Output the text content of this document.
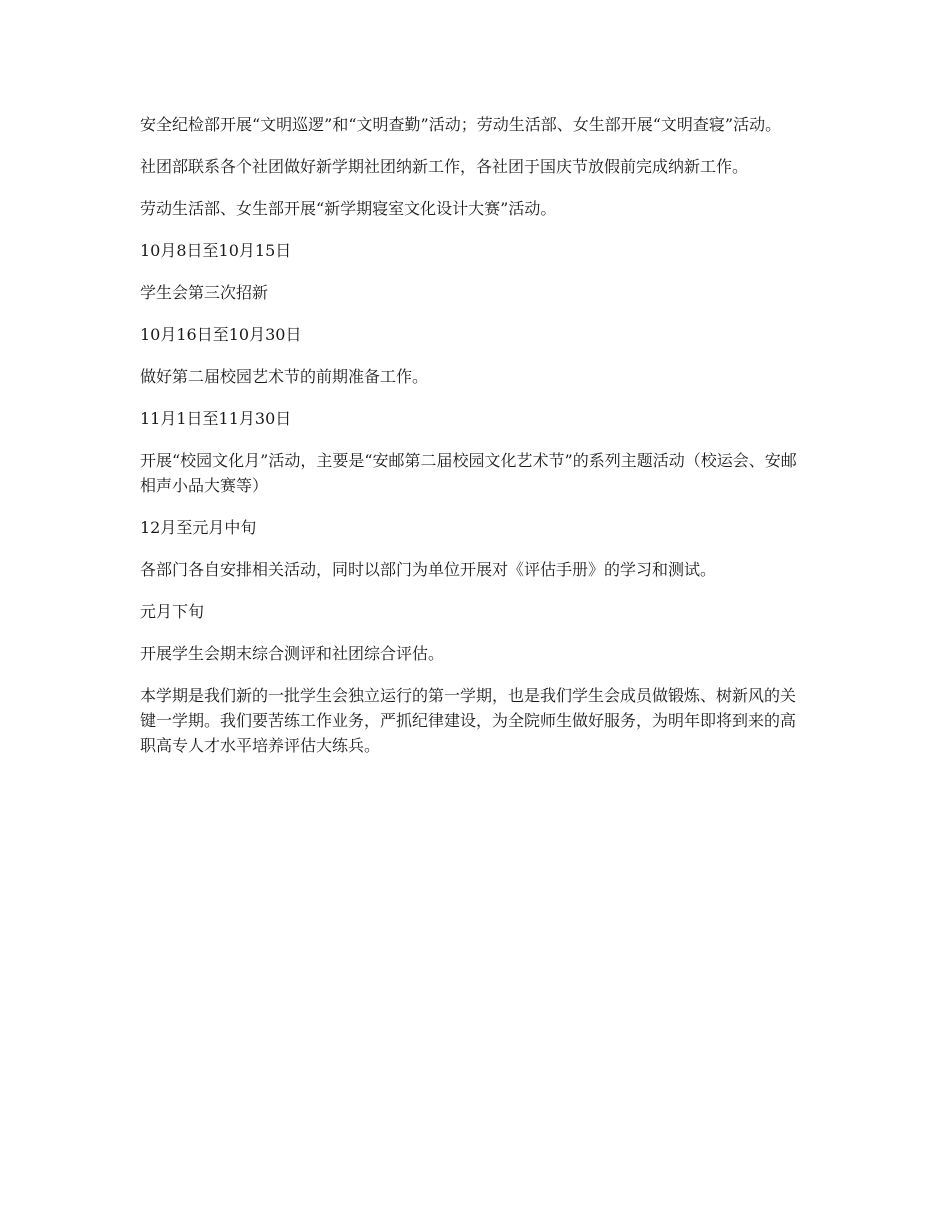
安全纪检部开展“文明巡逻”和“文明查勤”活动；劳动生活部、女生部开展“文明查寝”活动。

社团部联系各个社团做好新学期社团纳新工作，各社团于国庆节放假前完成纳新工作。

劳动生活部、女生部开展“新学期寝室文化设计大赛”活动。

10月8日至10月15日

学生会第三次招新

10月16日至10月30日

做好第二届校园艺术节的前期准备工作。

11月1日至11月30日

开展“校园文化月”活动，主要是“安邮第二届校园文化艺术节”的系列主题活动（校运会、安邮相声小品大赛等）

12月至元月中旬

各部门各自安排相关活动，同时以部门为单位开展对《评估手册》的学习和测试。

元月下旬

开展学生会期末综合测评和社团综合评估。

本学期是我们新的一批学生会独立运行的第一学期，也是我们学生会成员做锻炼、树新风的关键一学期。我们要苦练工作业务，严抓纪律建设，为全院师生做好服务，为明年即将到来的高职高专人才水平培养评估大练兵。
